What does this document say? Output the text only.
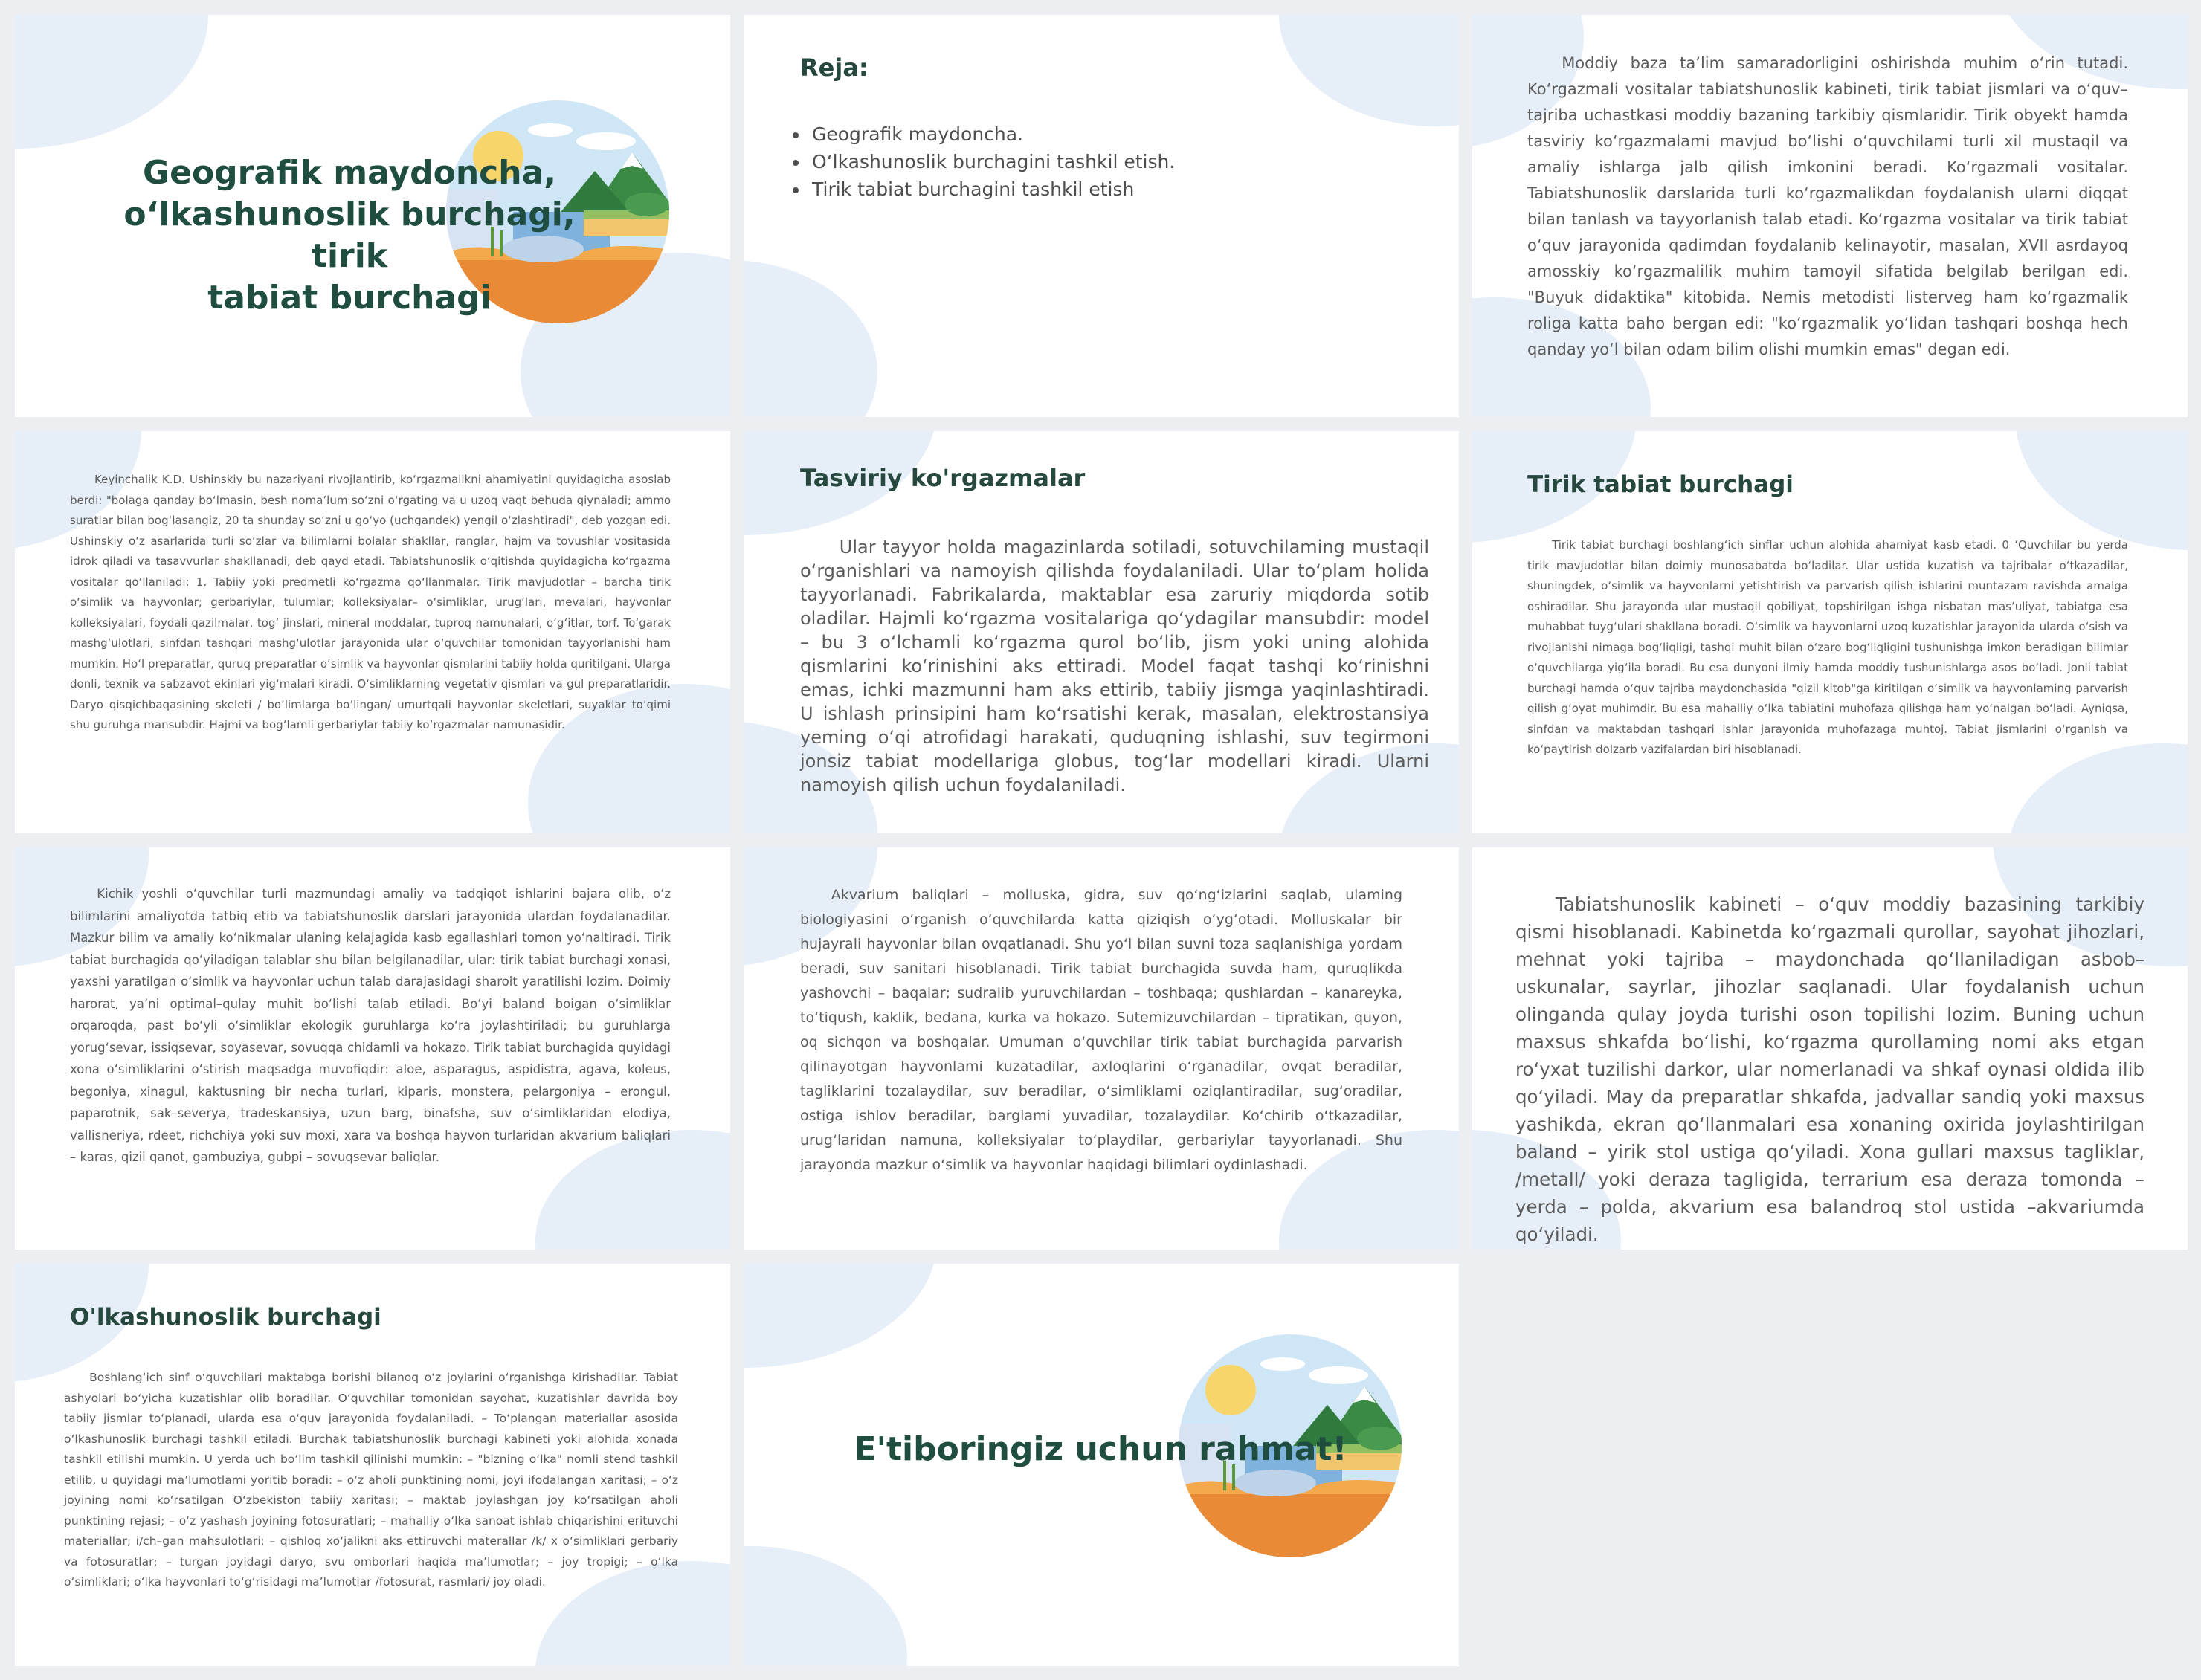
Geografik maydoncha,
o‘lkashunoslik burchagi, tirik
tabiat burchagi
Reja:
• Geografik maydoncha.
• O‘lkashunoslik burchagini tashkil etish.
• Tirik tabiat burchagini tashkil etish

Moddiy baza ta’lim samaradorligini oshirishda muhim o‘rin tutadi. Ko‘rgazmali vositalar tabiatshunoslik kabineti, tirik tabiat jismlari va o‘quv–tajriba uchastkasi moddiy bazaning tarkibiy qismlaridir. Tirik obyekt hamda tasviriy ko‘rgazmalami mavjud bo‘lishi o‘quvchilami turli xil mustaqil va amaliy ishlarga jalb qilish imkonini beradi. Ko‘rgazmali vositalar. Tabiatshunoslik darslarida turli ko‘rgazmalikdan foydalanish ularni diqqat bilan tanlash va tayyorlanish talab etadi. Ko‘rgazma vositalar va tirik tabiat o‘quv jarayonida qadimdan foydalanib kelinayotir, masalan, XVII asrdayoq amosskiy ko‘rgazmalilik muhim tamoyil sifatida belgilab berilgan edi. "Buyuk didaktika" kitobida. Nemis metodisti listerveg ham ko‘rgazmalik roliga katta baho bergan edi: "ko‘rgazmalik yo‘lidan tashqari boshqa hech qanday yo‘l bilan odam bilim olishi mumkin emas" degan edi.

Keyinchalik K.D. Ushinskiy bu nazariyani rivojlantirib, ko‘rgazmalikni ahamiyatini quyidagicha asoslab berdi: "bolaga qanday bo‘lmasin, besh noma’lum so‘zni o‘rgating va u uzoq vaqt behuda qiynaladi; ammo suratlar bilan bog‘lasangiz, 20 ta shunday so‘zni u go‘yo (uchgandek) yengil o‘zlashtiradi", deb yozgan edi. Ushinskiy o‘z asarlarida turli so‘zlar va bilimlarni bolalar shakllar, ranglar, hajm va tovushlar vositasida idrok qiladi va tasavvurlar shakllanadi, deb qayd etadi. Tabiatshunoslik o‘qitishda quyidagicha ko‘rgazma vositalar qo‘llaniladi: 1. Tabiiy yoki predmetli ko‘rgazma qo‘llanmalar. Tirik mavjudotlar – barcha tirik o‘simlik va hayvonlar; gerbariylar, tulumlar; kolleksiyalar– o‘simliklar, urug‘lari, mevalari, hayvonlar kolleksiyalari, foydali qazilmalar, tog‘ jinslari, mineral moddalar, tuproq namunalari, o‘g‘itlar, torf. To‘garak mashg‘ulotlari, sinfdan tashqari mashg‘ulotlar jarayonida ular o‘quvchilar tomonidan tayyorlanishi ham mumkin. Ho‘l preparatlar, quruq preparatlar o‘simlik va hayvonlar qismlarini tabiiy holda quritilgani. Ularga donli, texnik va sabzavot ekinlari yig‘malari kiradi. O‘simliklarning vegetativ qismlari va gul preparatlaridir. Daryo qisqichbaqasining skeleti / bo‘limlarga bo‘lingan/ umurtqali hayvonlar skeletlari, suyaklar to‘qimi shu guruhga mansubdir. Hajmi va bog‘lamli gerbariylar tabiiy ko‘rgazmalar namunasidir.

Tasviriy ko'rgazmalar

Ular tayyor holda magazinlarda sotiladi, sotuvchilaming mustaqil o‘rganishlari va namoyish qilishda foydalaniladi. Ular to‘plam holida tayyorlanadi. Fabrikalarda, maktablar esa zaruriy miqdorda sotib oladilar. Hajmli ko‘rgazma vositalariga qo‘ydagilar mansubdir: model – bu 3 o‘lchamli ko‘rgazma qurol bo‘lib, jism yoki uning alohida qismlarini ko‘rinishini aks ettiradi. Model faqat tashqi ko‘rinishni emas, ichki mazmunni ham aks ettirib, tabiiy jismga yaqinlashtiradi. U ishlash prinsipini ham ko‘rsatishi kerak, masalan, elektrostansiya yeming o‘qi atrofidagi harakati, quduqning ishlashi, suv tegirmoni jonsiz tabiat modellariga globus, tog‘lar modellari kiradi. Ularni namoyish qilish uchun foydalaniladi.

Tirik tabiat burchagi

Tirik tabiat burchagi boshlang‘ich sinflar uchun alohida ahamiyat kasb etadi. 0 ‘Quvchilar bu yerda tirik mavjudotlar bilan doimiy munosabatda bo‘ladilar. Ular ustida kuzatish va tajribalar o‘tkazadilar, shuningdek, o‘simlik va hayvonlarni yetishtirish va parvarish qilish ishlarini muntazam ravishda amalga oshiradilar. Shu jarayonda ular mustaqil qobiliyat, topshirilgan ishga nisbatan mas’uliyat, tabiatga esa muhabbat tuyg‘ulari shakllana boradi. O‘simlik va hayvonlarni uzoq kuzatishlar jarayonida ularda o‘sish va rivojlanishi nimaga bog‘liqligi, tashqi muhit bilan o‘zaro bog‘liqligini tushunishga imkon beradigan bilimlar o‘quvchilarga yig‘ila boradi. Bu esa dunyoni ilmiy hamda moddiy tushunishlarga asos bo‘ladi. Jonli tabiat burchagi hamda o‘quv tajriba maydonchasida "qizil kitob"ga kiritilgan o‘simlik va hayvonlaming parvarish qilish g‘oyat muhimdir. Bu esa mahalliy o‘lka tabiatini muhofaza qilishga ham yo‘nalgan bo‘ladi. Ayniqsa, sinfdan va maktabdan tashqari ishlar jarayonida muhofazaga muhtoj. Tabiat jismlarini o‘rganish va ko‘paytirish dolzarb vazifalardan biri hisoblanadi.

Kichik yoshli o‘quvchilar turli mazmundagi amaliy va tadqiqot ishlarini bajara olib, o‘z bilimlarini amaliyotda tatbiq etib va tabiatshunoslik darslari jarayonida ulardan foydalanadilar. Mazkur bilim va amaliy ko‘nikmalar ulaning kelajagida kasb egallashlari tomon yo‘naltiradi. Tirik tabiat burchagida qo‘yiladigan talablar shu bilan belgilanadilar, ular: tirik tabiat burchagi xonasi, yaxshi yaratilgan o‘simlik va hayvonlar uchun talab darajasidagi sharoit yaratilishi lozim. Doimiy harorat, ya’ni optimal–qulay muhit bo‘lishi talab etiladi. Bo‘yi baland boigan o‘simliklar orqaroqda, past bo‘yli o‘simliklar ekologik guruhlarga ko‘ra joylashtiriladi; bu guruhlarga yorug‘sevar, issiqsevar, soyasevar, sovuqqa chidamli va hokazo. Tirik tabiat burchagida quyidagi xona o‘simliklarini o‘stirish maqsadga muvofiqdir: aloe, asparagus, aspidistra, agava, koleus, begoniya, xinagul, kaktusning bir necha turlari, kiparis, monstera, pelargoniya – erongul, paparotnik, sak–severya, tradeskansiya, uzun barg, binafsha, suv o‘simliklaridan elodiya, vallisneriya, rdeet, richchiya yoki suv moxi, xara va boshqa hayvon turlaridan akvarium baliqlari – karas, qizil qanot, gambuziya, gubpi – sovuqsevar baliqlar.

Akvarium baliqlari – molluska, gidra, suv qo‘ng‘izlarini saqlab, ulaming biologiyasini o‘rganish o‘quvchilarda katta qiziqish o‘yg‘otadi. Molluskalar bir hujayrali hayvonlar bilan ovqatlanadi. Shu yo‘l bilan suvni toza saqlanishiga yordam beradi, suv sanitari hisoblanadi. Tirik tabiat burchagida suvda ham, quruqlikda yashovchi – baqalar; sudralib yuruvchilardan – toshbaqa; qushlardan – kanareyka, to‘tiqush, kaklik, bedana, kurka va hokazo. Sutemizuvchilardan – tipratikan, quyon, oq sichqon va boshqalar. Umuman o‘quvchilar tirik tabiat burchagida parvarish qilinayotgan hayvonlami kuzatadilar, axloqlarini o‘rganadilar, ovqat beradilar, tagliklarini tozalaydilar, suv beradilar, o‘simliklami oziqlantiradilar, sug‘oradilar, ostiga ishlov beradilar, barglami yuvadilar, tozalaydilar. Ko‘chirib o‘tkazadilar, urug‘laridan namuna, kolleksiyalar to‘playdilar, gerbariylar tayyorlanadi. Shu jarayonda mazkur o‘simlik va hayvonlar haqidagi bilimlari oydinlashadi.

Tabiatshunoslik kabineti – o‘quv moddiy bazasining tarkibiy qismi hisoblanadi. Kabinetda ko‘rgazmali qurollar, sayohat jihozlari, mehnat yoki tajriba – maydonchada qo‘llaniladigan asbob–uskunalar, sayrlar, jihozlar saqlanadi. Ular foydalanish uchun olinganda qulay joyda turishi oson topilishi lozim. Buning uchun maxsus shkafda bo‘lishi, ko‘rgazma qurollaming nomi aks etgan ro‘yxat tuzilishi darkor, ular nomerlanadi va shkaf oynasi oldida ilib qo‘yiladi. May da preparatlar shkafda, jadvallar sandiq yoki maxsus yashikda, ekran qo‘llanmalari esa xonaning oxirida joylashtirilgan baland – yirik stol ustiga qo‘yiladi. Xona gullari maxsus tagliklar, /metall/ yoki deraza tagligida, terrarium esa deraza tomonda – yerda – polda, akvarium esa balandroq stol ustida –akvariumda qo‘yiladi.

O'lkashunoslik burchagi

Boshlang‘ich sinf o‘quvchilari maktabga borishi bilanoq o‘z joylarini o‘rganishga kirishadilar. Tabiat ashyolari bo‘yicha kuzatishlar olib boradilar. O‘quvchilar tomonidan sayohat, kuzatishlar davrida boy tabiiy jismlar to‘planadi, ularda esa o‘quv jarayonida foydalaniladi. – To‘plangan materiallar asosida o‘lkashunoslik burchagi tashkil etiladi. Burchak tabiatshunoslik burchagi kabineti yoki alohida xonada tashkil etilishi mumkin. U yerda uch bo‘lim tashkil qilinishi mumkin: – "bizning o‘lka" nomli stend tashkil etilib, u quyidagi ma’lumotlami yoritib boradi: – o‘z aholi punktining nomi, joyi ifodalangan xaritasi; – o‘z joyining nomi ko‘rsatilgan O‘zbekiston tabiiy xaritasi; – maktab joylashgan joy ko‘rsatilgan aholi punktining rejasi; – o‘z yashash joyining fotosuratlari; – mahalliy o‘lka sanoat ishlab chiqarishini erituvchi materiallar; i/ch–gan mahsulotlari; – qishloq xo‘jalikni aks ettiruvchi materallar /k/ x o‘simliklari gerbariy va fotosuratlar; – turgan joyidagi daryo, svu omborlari haqida ma’lumotlar; – joy tropigi; – o‘lka o‘simliklari; o‘lka hayvonlari to‘g‘risidagi ma’lumotlar /fotosurat, rasmlari/ joy oladi.

E'tiboringiz uchun rahmat!
